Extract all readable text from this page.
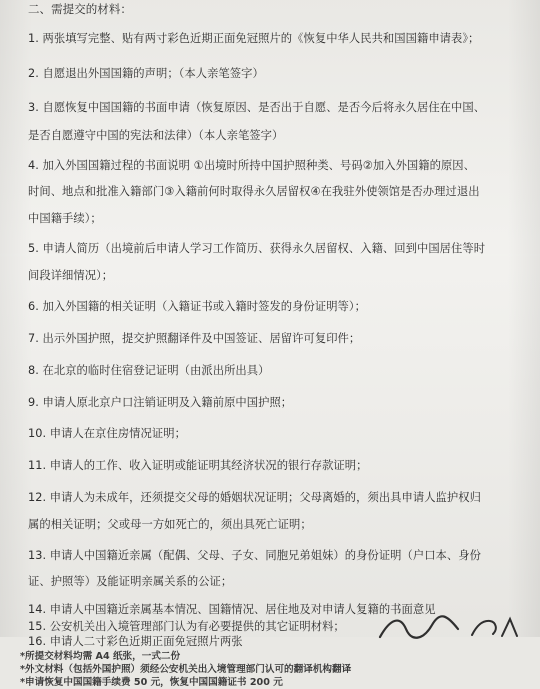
二、需提交的材料：
1. 两张填写完整、贴有两寸彩色近期正面免冠照片的《恢复中华人民共和国国籍申请表》；
2. 自愿退出外国国籍的声明；（本人亲笔签字）
3. 自愿恢复中国国籍的书面申请（恢复原因、是否出于自愿、是否今后将永久居住在中国、
是否自愿遵守中国的宪法和法律）（本人亲笔签字）
4. 加入外国国籍过程的书面说明 ①出境时所持中国护照种类、号码②加入外国籍的原因、
时间、地点和批准入籍部门③入籍前何时取得永久居留权④在我驻外使领馆是否办理过退出
中国籍手续）；
5. 申请人简历（出境前后申请人学习工作简历、获得永久居留权、入籍、回到中国居住等时
间段详细情况）；
6. 加入外国籍的相关证明（入籍证书或入籍时签发的身份证明等）；
7. 出示外国护照，提交护照翻译件及中国签证、居留许可复印件；
8. 在北京的临时住宿登记证明（由派出所出具）
9. 申请人原北京户口注销证明及入籍前原中国护照；
10. 申请人在京住房情况证明；
11. 申请人的工作、收入证明或能证明其经济状况的银行存款证明；
12. 申请人为未成年，还须提交父母的婚姻状况证明；父母离婚的，须出具申请人监护权归
属的相关证明；父或母一方如死亡的，须出具死亡证明；
13. 申请人中国籍近亲属（配偶、父母、子女、同胞兄弟姐妹）的身份证明（户口本、身份
证、护照等）及能证明亲属关系的公证；
14. 申请人中国籍近亲属基本情况、国籍情况、居住地及对申请人复籍的书面意见
15. 公安机关出入境管理部门认为有必要提供的其它证明材料；
16. 申请人二寸彩色近期正面免冠照片两张
*所提交材料均需 A4 纸张，一式二份
*外文材料（包括外国护照）须经公安机关出入境管理部门认可的翻译机构翻译
*申请恢复中国国籍手续费 50 元，恢复中国国籍证书 200 元
